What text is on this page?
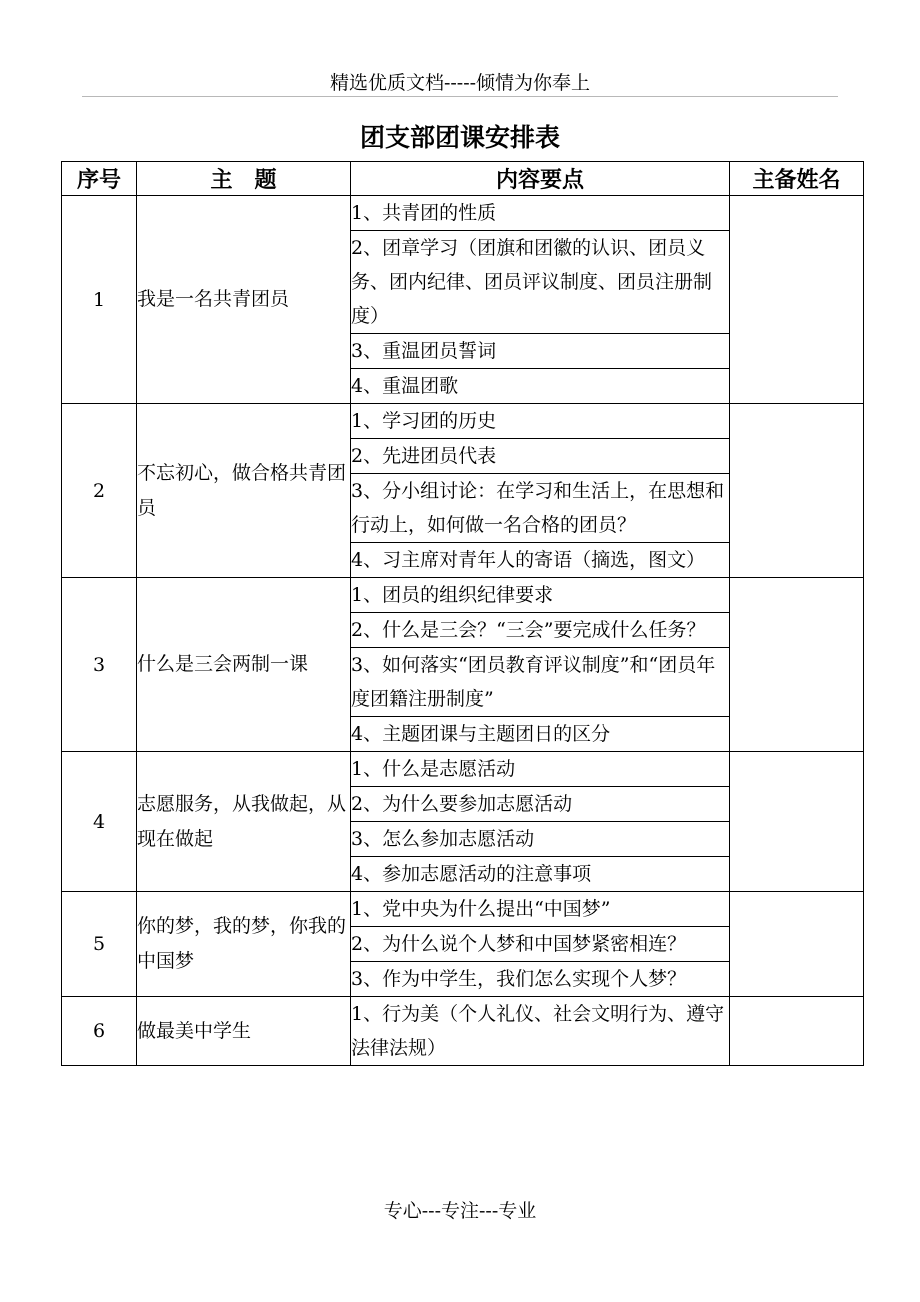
精选优质文档-----倾情为你奉上
团支部团课安排表
序号	主　题	内容要点	主备姓名
1	我是一名共青团员	1、共青团的性质	
		2、团章学习（团旗和团徽的认识、团员义务、团内纪律、团员评议制度、团员注册制度）	
		3、重温团员誓词	
		4、重温团歌	
2	不忘初心，做合格共青团员	1、学习团的历史	
		2、先进团员代表	
		3、分小组讨论：在学习和生活上，在思想和行动上，如何做一名合格的团员？	
		4、习主席对青年人的寄语（摘选，图文）	
3	什么是三会两制一课	1、团员的组织纪律要求	
		2、什么是三会？“三会”要完成什么任务？	
		3、如何落实“团员教育评议制度”和“团员年度团籍注册制度”	
		4、主题团课与主题团日的区分	
4	志愿服务，从我做起，从现在做起	1、什么是志愿活动	
		2、为什么要参加志愿活动	
		3、怎么参加志愿活动	
		4、参加志愿活动的注意事项	
5	你的梦，我的梦，你我的中国梦	1、党中央为什么提出“中国梦”	
		2、为什么说个人梦和中国梦紧密相连？	
		3、作为中学生，我们怎么实现个人梦？	
6	做最美中学生	1、行为美（个人礼仪、社会文明行为、遵守法律法规）	
专心---专注---专业
